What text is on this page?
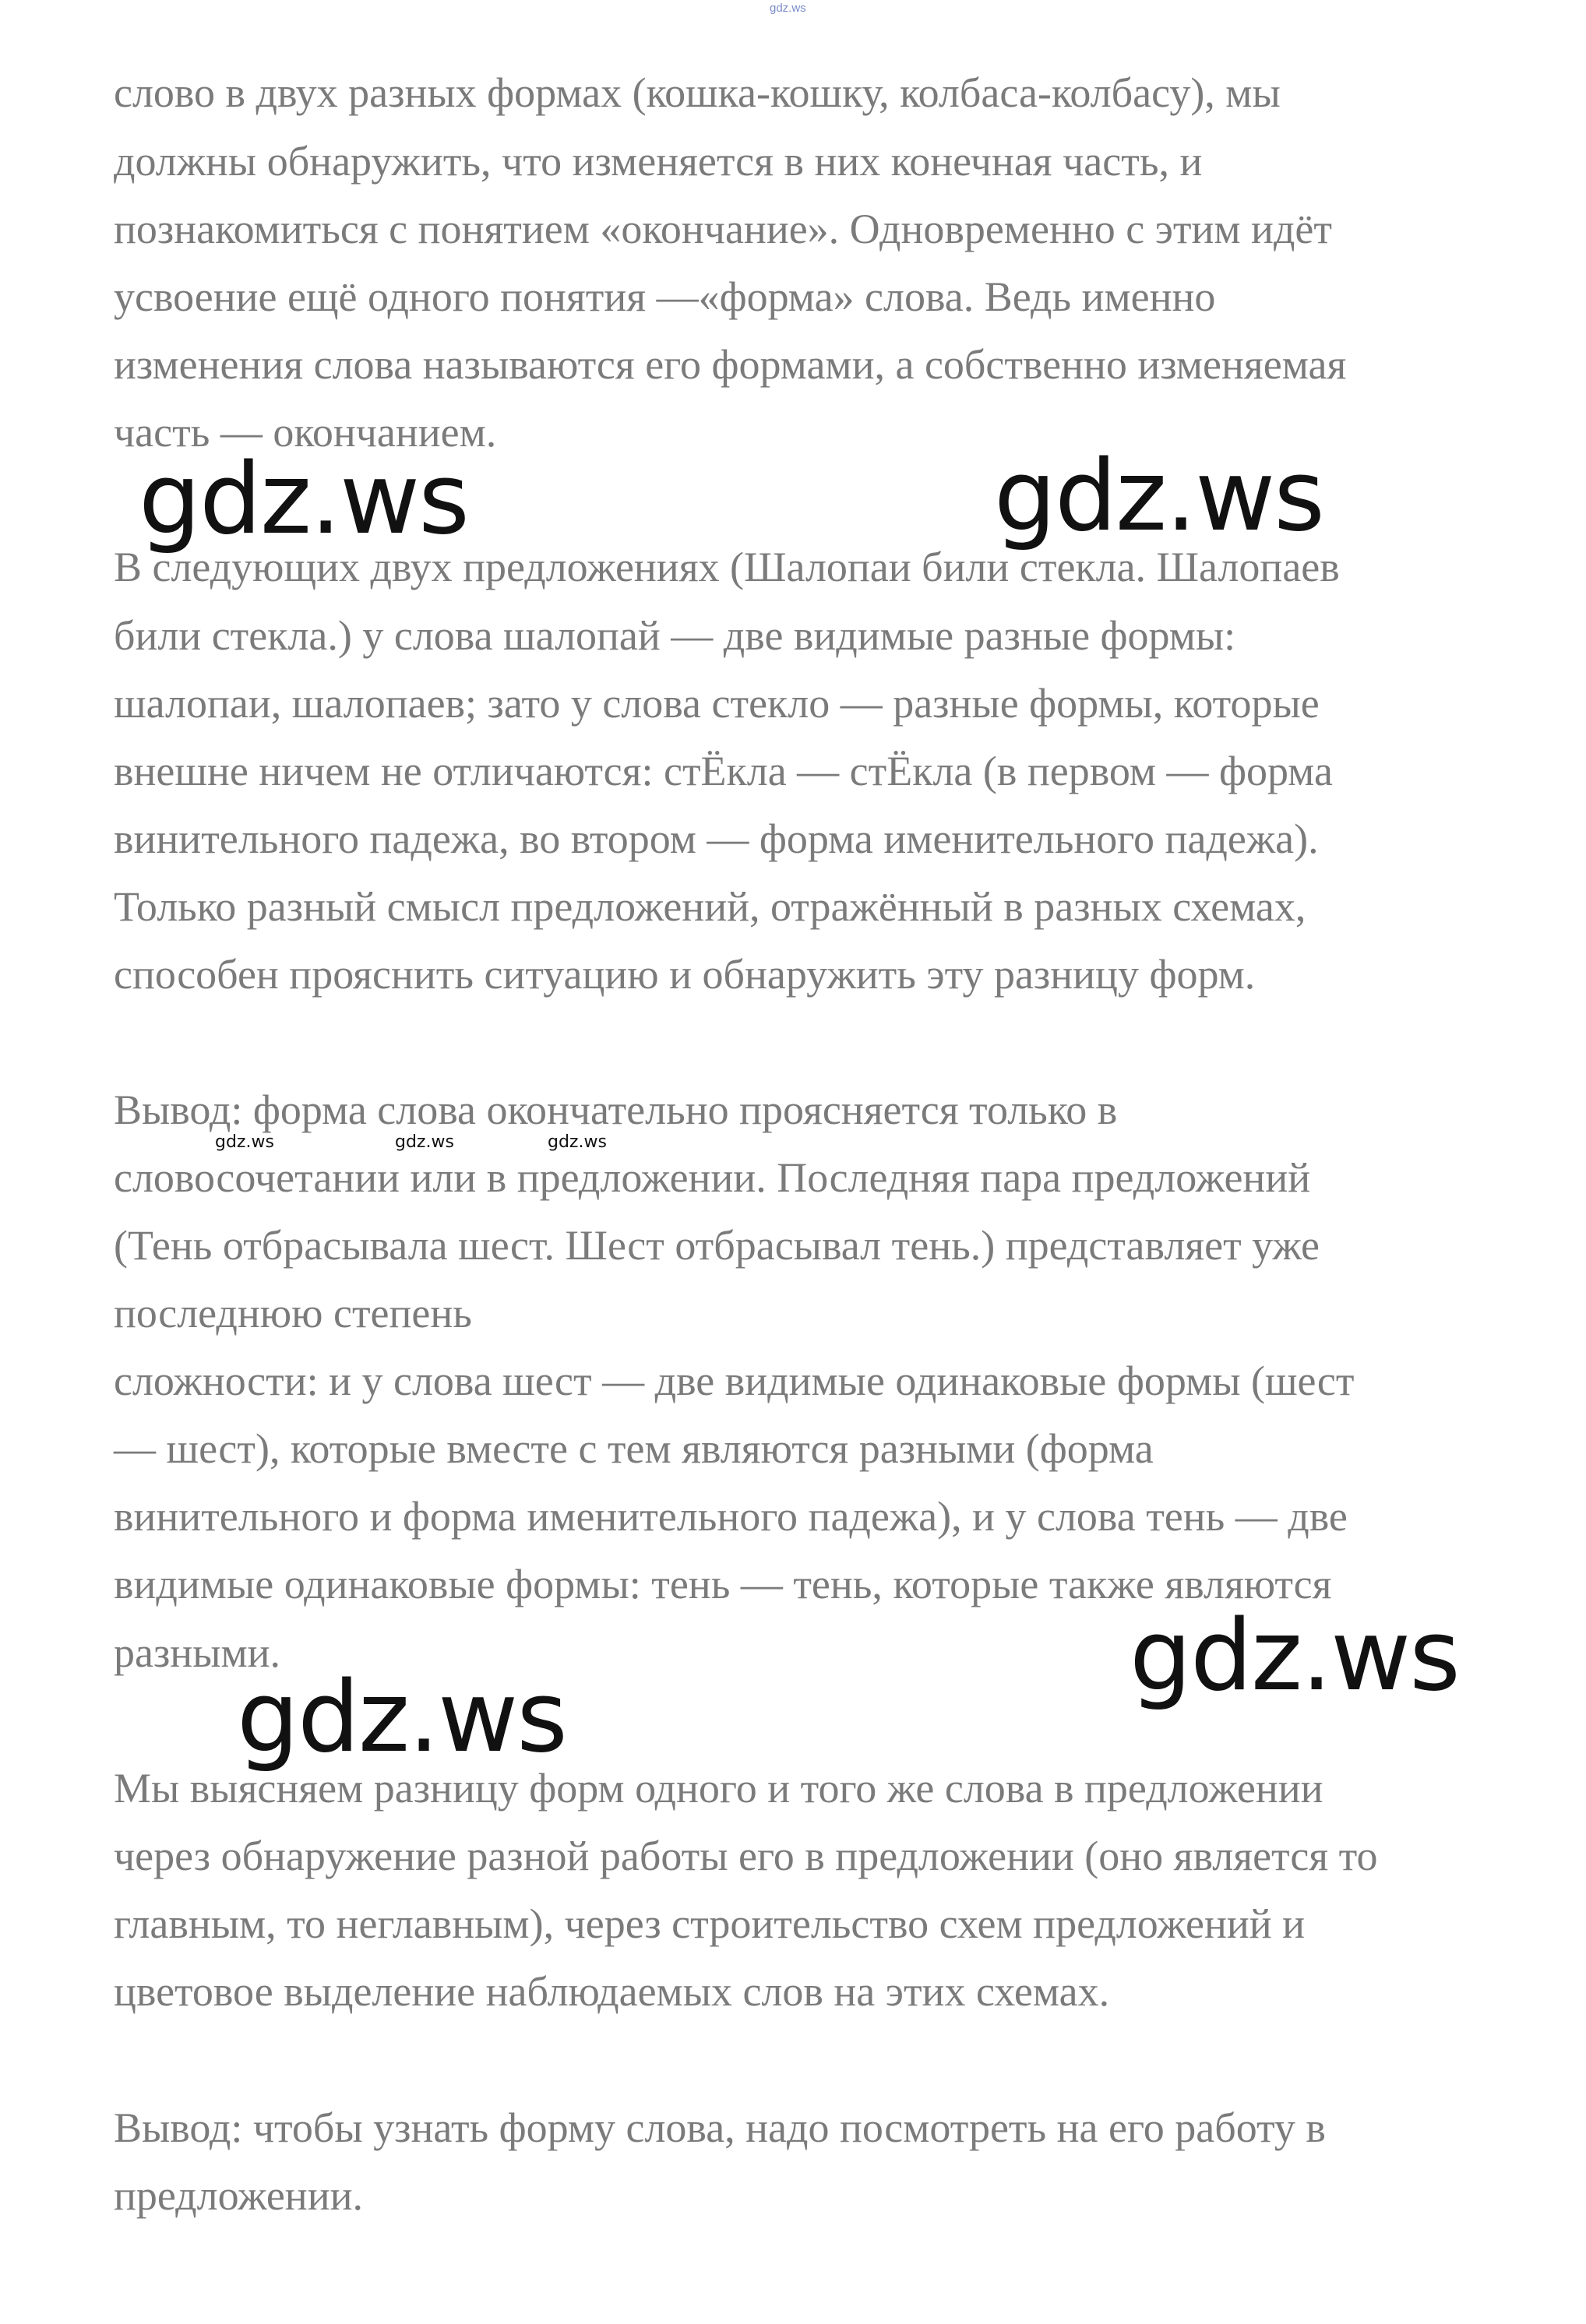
gdz.ws
слово в двух разных формах (кошка-кошку, колбаса-колбасу), мы
должны обнаружить, что изменяется в них конечная часть, и
познакомиться с понятием «окончание». Одновременно с этим идёт
усвоение ещё одного понятия —«форма» слова. Ведь именно
изменения слова называются его формами, а собственно изменяемая
часть — окончанием.
В следующих двух предложениях (Шалопаи били стекла. Шалопаев
били стекла.) у слова шалопай — две видимые разные формы:
шалопаи, шалопаев; зато у слова стекло — разные формы, которые
внешне ничем не отличаются: стЁкла — стЁкла (в первом — форма
винительного падежа, во втором — форма именительного падежа).
Только разный смысл предложений, отражённый в разных схемах,
способен прояснить ситуацию и обнаружить эту разницу форм.
Вывод: форма слова окончательно проясняется только в
словосочетании или в предложении. Последняя пара предложений
(Тень отбрасывала шест. Шест отбрасывал тень.) представляет уже
последнюю степень
сложности: и у слова шест — две видимые одинаковые формы (шест
— шест), которые вместе с тем являются разными (форма
винительного и форма именительного падежа), и у слова тень — две
видимые одинаковые формы: тень — тень, которые также являются
разными.
Мы выясняем разницу форм одного и того же слова в предложении
через обнаружение разной работы его в предложении (оно является то
главным, то неглавным), через строительство схем предложений и
цветовое выделение наблюдаемых слов на этих схемах.
Вывод: чтобы узнать форму слова, надо посмотреть на его работу в
предложении.
gdz.ws	gdz.ws
gdz.ws
gdz.ws
gdz.ws	gdz.ws	gdz.ws
